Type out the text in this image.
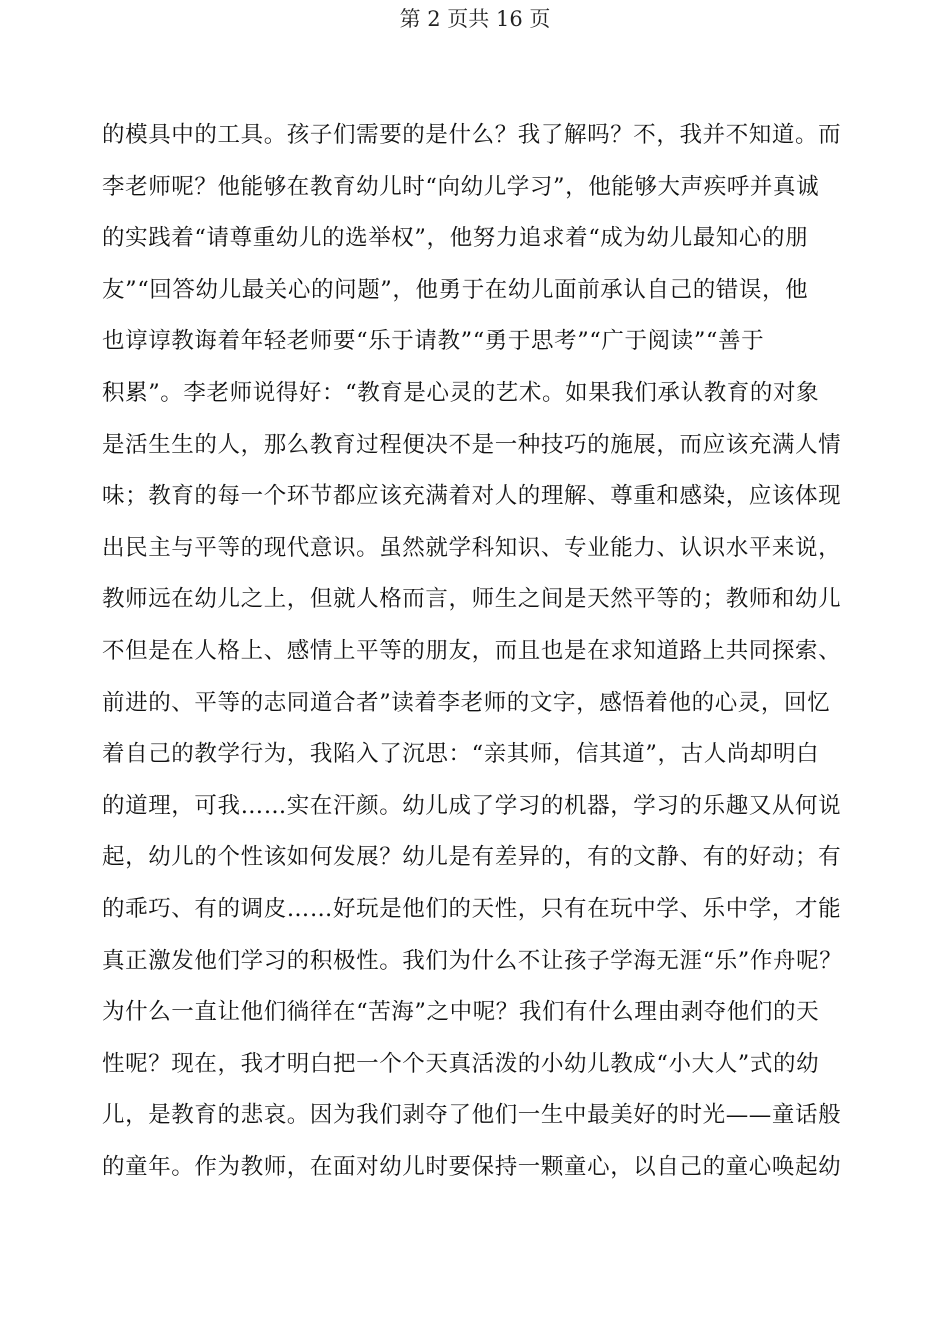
第 2 页共 16 页
的模具中的工具。孩子们需要的是什么？我了解吗？不，我并不知道。而
李老师呢？他能够在教育幼儿时“向幼儿学习”，他能够大声疾呼并真诚
的实践着“请尊重幼儿的选举权”，他努力追求着“成为幼儿最知心的朋
友”“回答幼儿最关心的问题”，他勇于在幼儿面前承认自己的错误，他
也谆谆教诲着年轻老师要“乐于请教”“勇于思考”“广于阅读”“善于
积累”。李老师说得好：“教育是心灵的艺术。如果我们承认教育的对象
是活生生的人，那么教育过程便决不是一种技巧的施展，而应该充满人情
味；教育的每一个环节都应该充满着对人的理解、尊重和感染，应该体现
出民主与平等的现代意识。虽然就学科知识、专业能力、认识水平来说，
教师远在幼儿之上，但就人格而言，师生之间是天然平等的；教师和幼儿
不但是在人格上、感情上平等的朋友，而且也是在求知道路上共同探索、
前进的、平等的志同道合者”读着李老师的文字，感悟着他的心灵，回忆
着自己的教学行为，我陷入了沉思：“亲其师，信其道”，古人尚却明白
的道理，可我……实在汗颜。幼儿成了学习的机器，学习的乐趣又从何说
起，幼儿的个性该如何发展？幼儿是有差异的，有的文静、有的好动；有
的乖巧、有的调皮……好玩是他们的天性，只有在玩中学、乐中学，才能
真正激发他们学习的积极性。我们为什么不让孩子学海无涯“乐”作舟呢？
为什么一直让他们徜徉在“苦海”之中呢？我们有什么理由剥夺他们的天
性呢？现在，我才明白把一个个天真活泼的小幼儿教成“小大人”式的幼
儿，是教育的悲哀。因为我们剥夺了他们一生中最美好的时光——童话般
的童年。作为教师，在面对幼儿时要保持一颗童心，以自己的童心唤起幼
